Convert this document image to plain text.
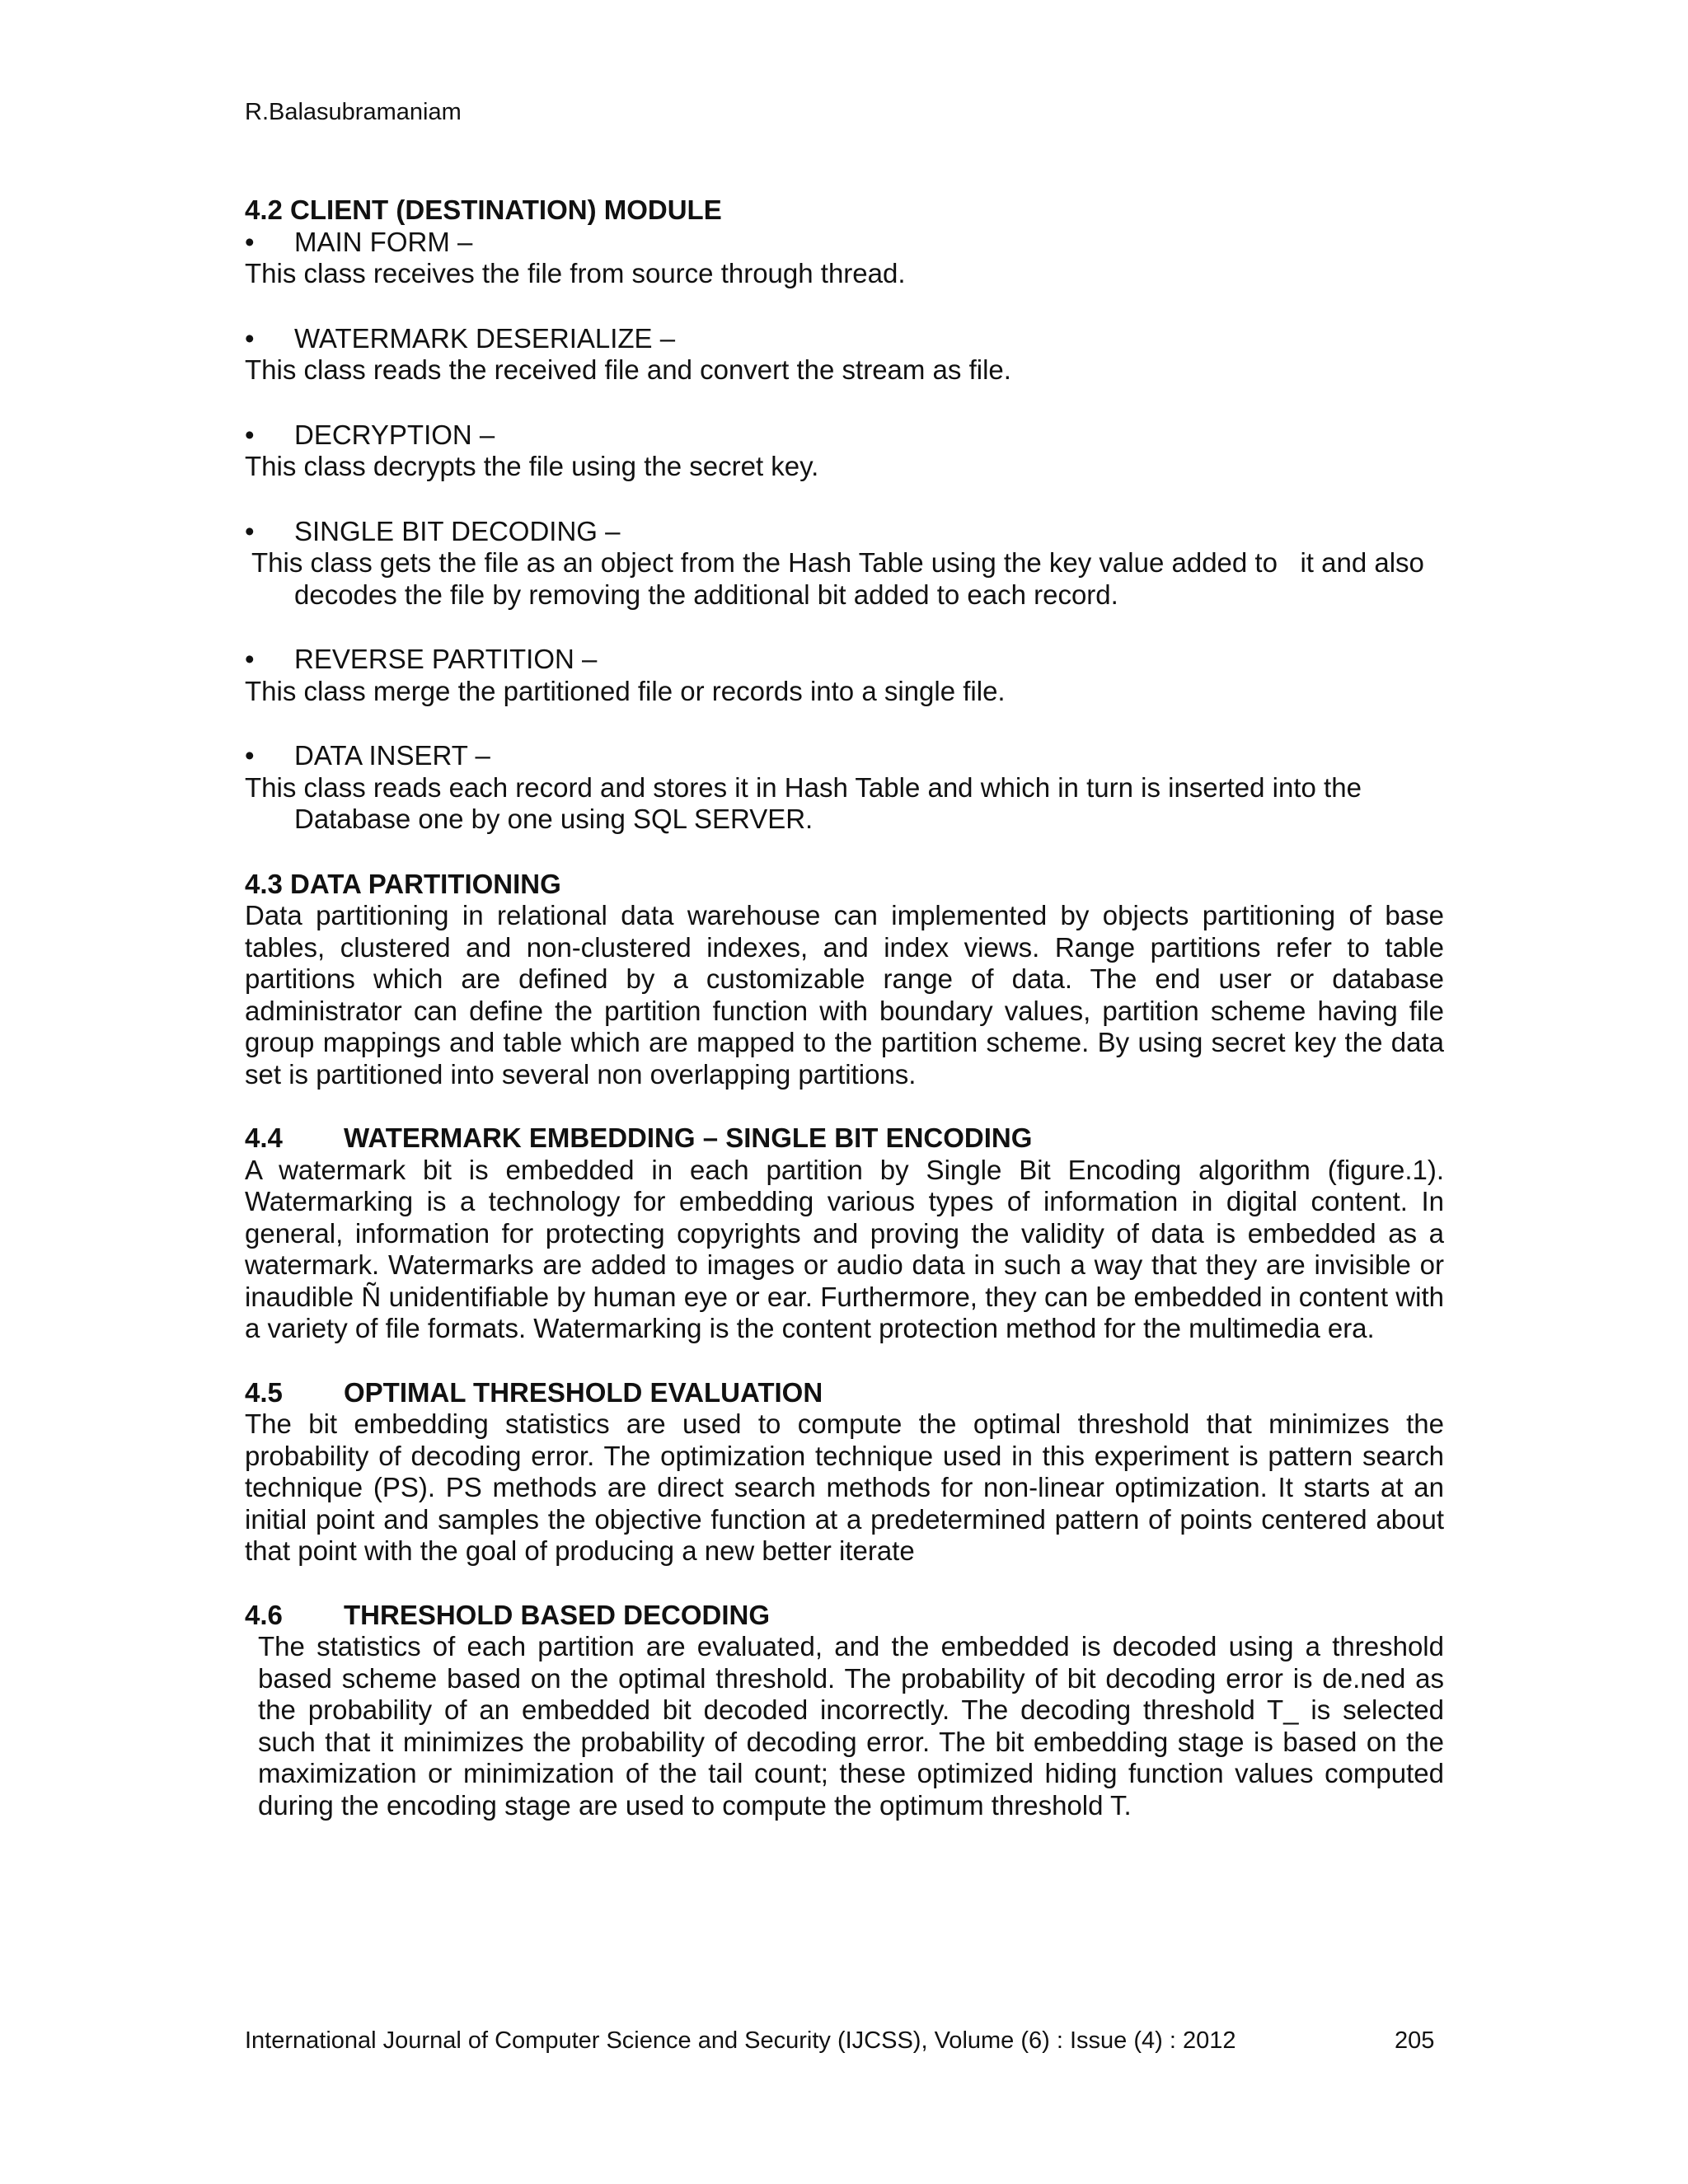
R.Balasubramaniam

4.2 CLIENT (DESTINATION) MODULE

• MAIN FORM –

This class receives the file from source through thread.

• WATERMARK DESERIALIZE –

This class reads the received file and convert the stream as file.

• DECRYPTION –

This class decrypts the file using the secret key.

• SINGLE BIT DECODING –

This class gets the file as an object from the Hash Table using the key value added to   it and also decodes the file by removing the additional bit added to each record.

• REVERSE PARTITION –

This class merge the partitioned file or records into a single file.

• DATA INSERT –

This class reads each record and stores it in Hash Table and which in turn is inserted into the Database one by one using SQL SERVER.

4.3 DATA PARTITIONING

Data partitioning in relational data warehouse can implemented by objects partitioning of base tables, clustered and non-clustered indexes, and index views. Range partitions refer to table partitions which are defined by a customizable range of data. The end user or database administrator can define the partition function with boundary values, partition scheme having file group mappings and table which are mapped to the partition scheme. By using secret key the data set is partitioned into several non overlapping partitions.

4.4 WATERMARK EMBEDDING – SINGLE BIT ENCODING

A watermark bit is embedded in each partition by Single Bit Encoding algorithm (figure.1). Watermarking is a technology for embedding various types of information in digital content. In general, information for protecting copyrights and proving the validity of data is embedded as a watermark. Watermarks are added to images or audio data in such a way that they are invisible or inaudible Ñ unidentifiable by human eye or ear. Furthermore, they can be embedded in content with a variety of file formats. Watermarking is the content protection method for the multimedia era.

4.5 OPTIMAL THRESHOLD EVALUATION

The bit embedding statistics are used to compute the optimal threshold that minimizes the probability of decoding error. The optimization technique used in this experiment is pattern search technique (PS). PS methods are direct search methods for non-linear optimization. It starts at an initial point and samples the objective function at a predetermined pattern of points centered about that point with the goal of producing a new better iterate

4.6 THRESHOLD BASED DECODING

The statistics of each partition are evaluated, and the embedded is decoded using a threshold based scheme based on the optimal threshold. The probability of bit decoding error is de.ned as the probability of an embedded bit decoded incorrectly. The decoding threshold T_ is selected such that it minimizes the probability of decoding error. The bit embedding stage is based on the maximization or minimization of the tail count; these optimized hiding function values computed during the encoding stage are used to compute the optimum threshold T.

International Journal of Computer Science and Security (IJCSS), Volume (6) : Issue (4) : 2012	205
